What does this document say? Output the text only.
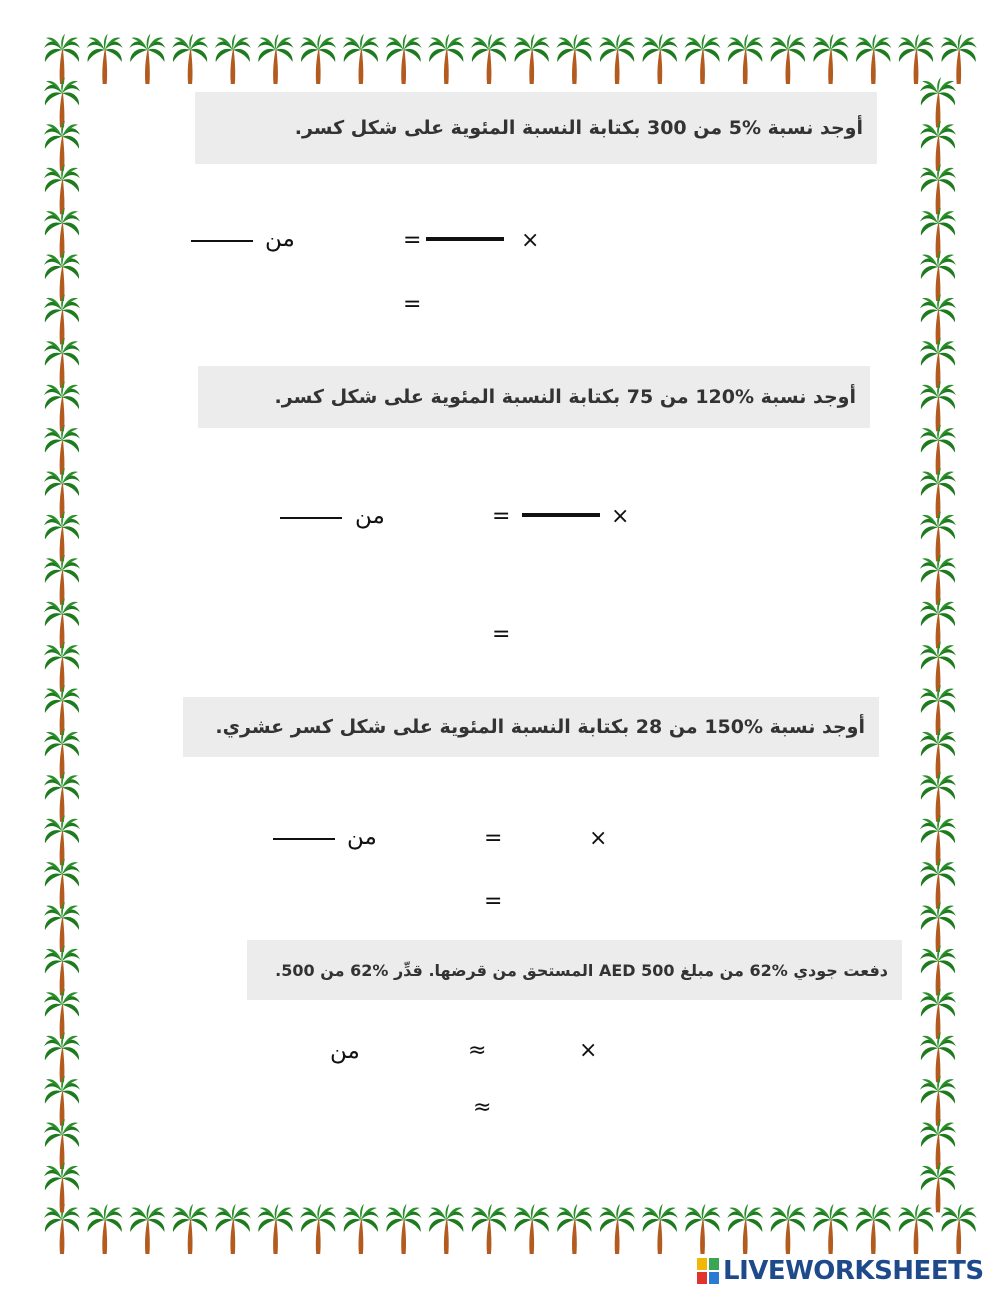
أوجد نسبة %5 من 300 بكتابة النسبة المئوية على شكل كسر.
من	=	×
=
أوجد نسبة %120 من 75 بكتابة النسبة المئوية على شكل كسر.
من	=	×
=
أوجد نسبة %150 من 28 بكتابة النسبة المئوية على شكل كسر عشري.
من	=	×
=
دفعت جودي %62 من مبلغ AED 500 المستحق من قرضها. قدِّر %62 من 500.
من	≈	×
≈
LIVEWORKSHEETS
